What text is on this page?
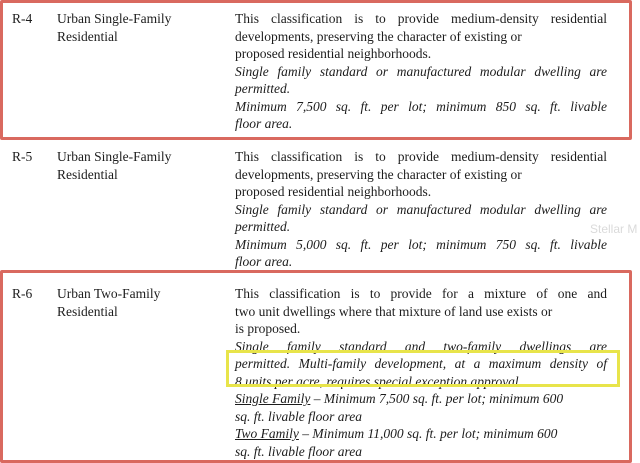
R-4 Urban Single-Family
Residential

This classification is to provide medium-density residential

developments, preserving the character of existing or

proposed residential neighborhoods.

Single family standard or manufactured modular dwelling are

permitted.

Minimum 7,500 sq. ft. per lot; minimum 850 sq. ft. livable

floor area.

R-5 Urban Single-Family
Residential

This classification is to provide medium-density residential

developments, preserving the character of existing or

proposed residential neighborhoods.

Single family standard or manufactured modular dwelling are

permitted.

Minimum 5,000 sq. ft. per lot; minimum 750 sq. ft. livable

floor area.

Stellar M
R-6 Urban Two-Family
Residential

This classification is to provide for a mixture of one and

two unit dwellings where that mixture of land use exists or

is proposed.

Single family standard and two-family dwellings are

permitted. Multi-family development, at a maximum density of

8 units per acre, requires special exception approval.

Single Family – Minimum 7,500 sq. ft. per lot; minimum 600

sq. ft. livable floor area

Two Family – Minimum 11,000 sq. ft. per lot; minimum 600

sq. ft. livable floor area
